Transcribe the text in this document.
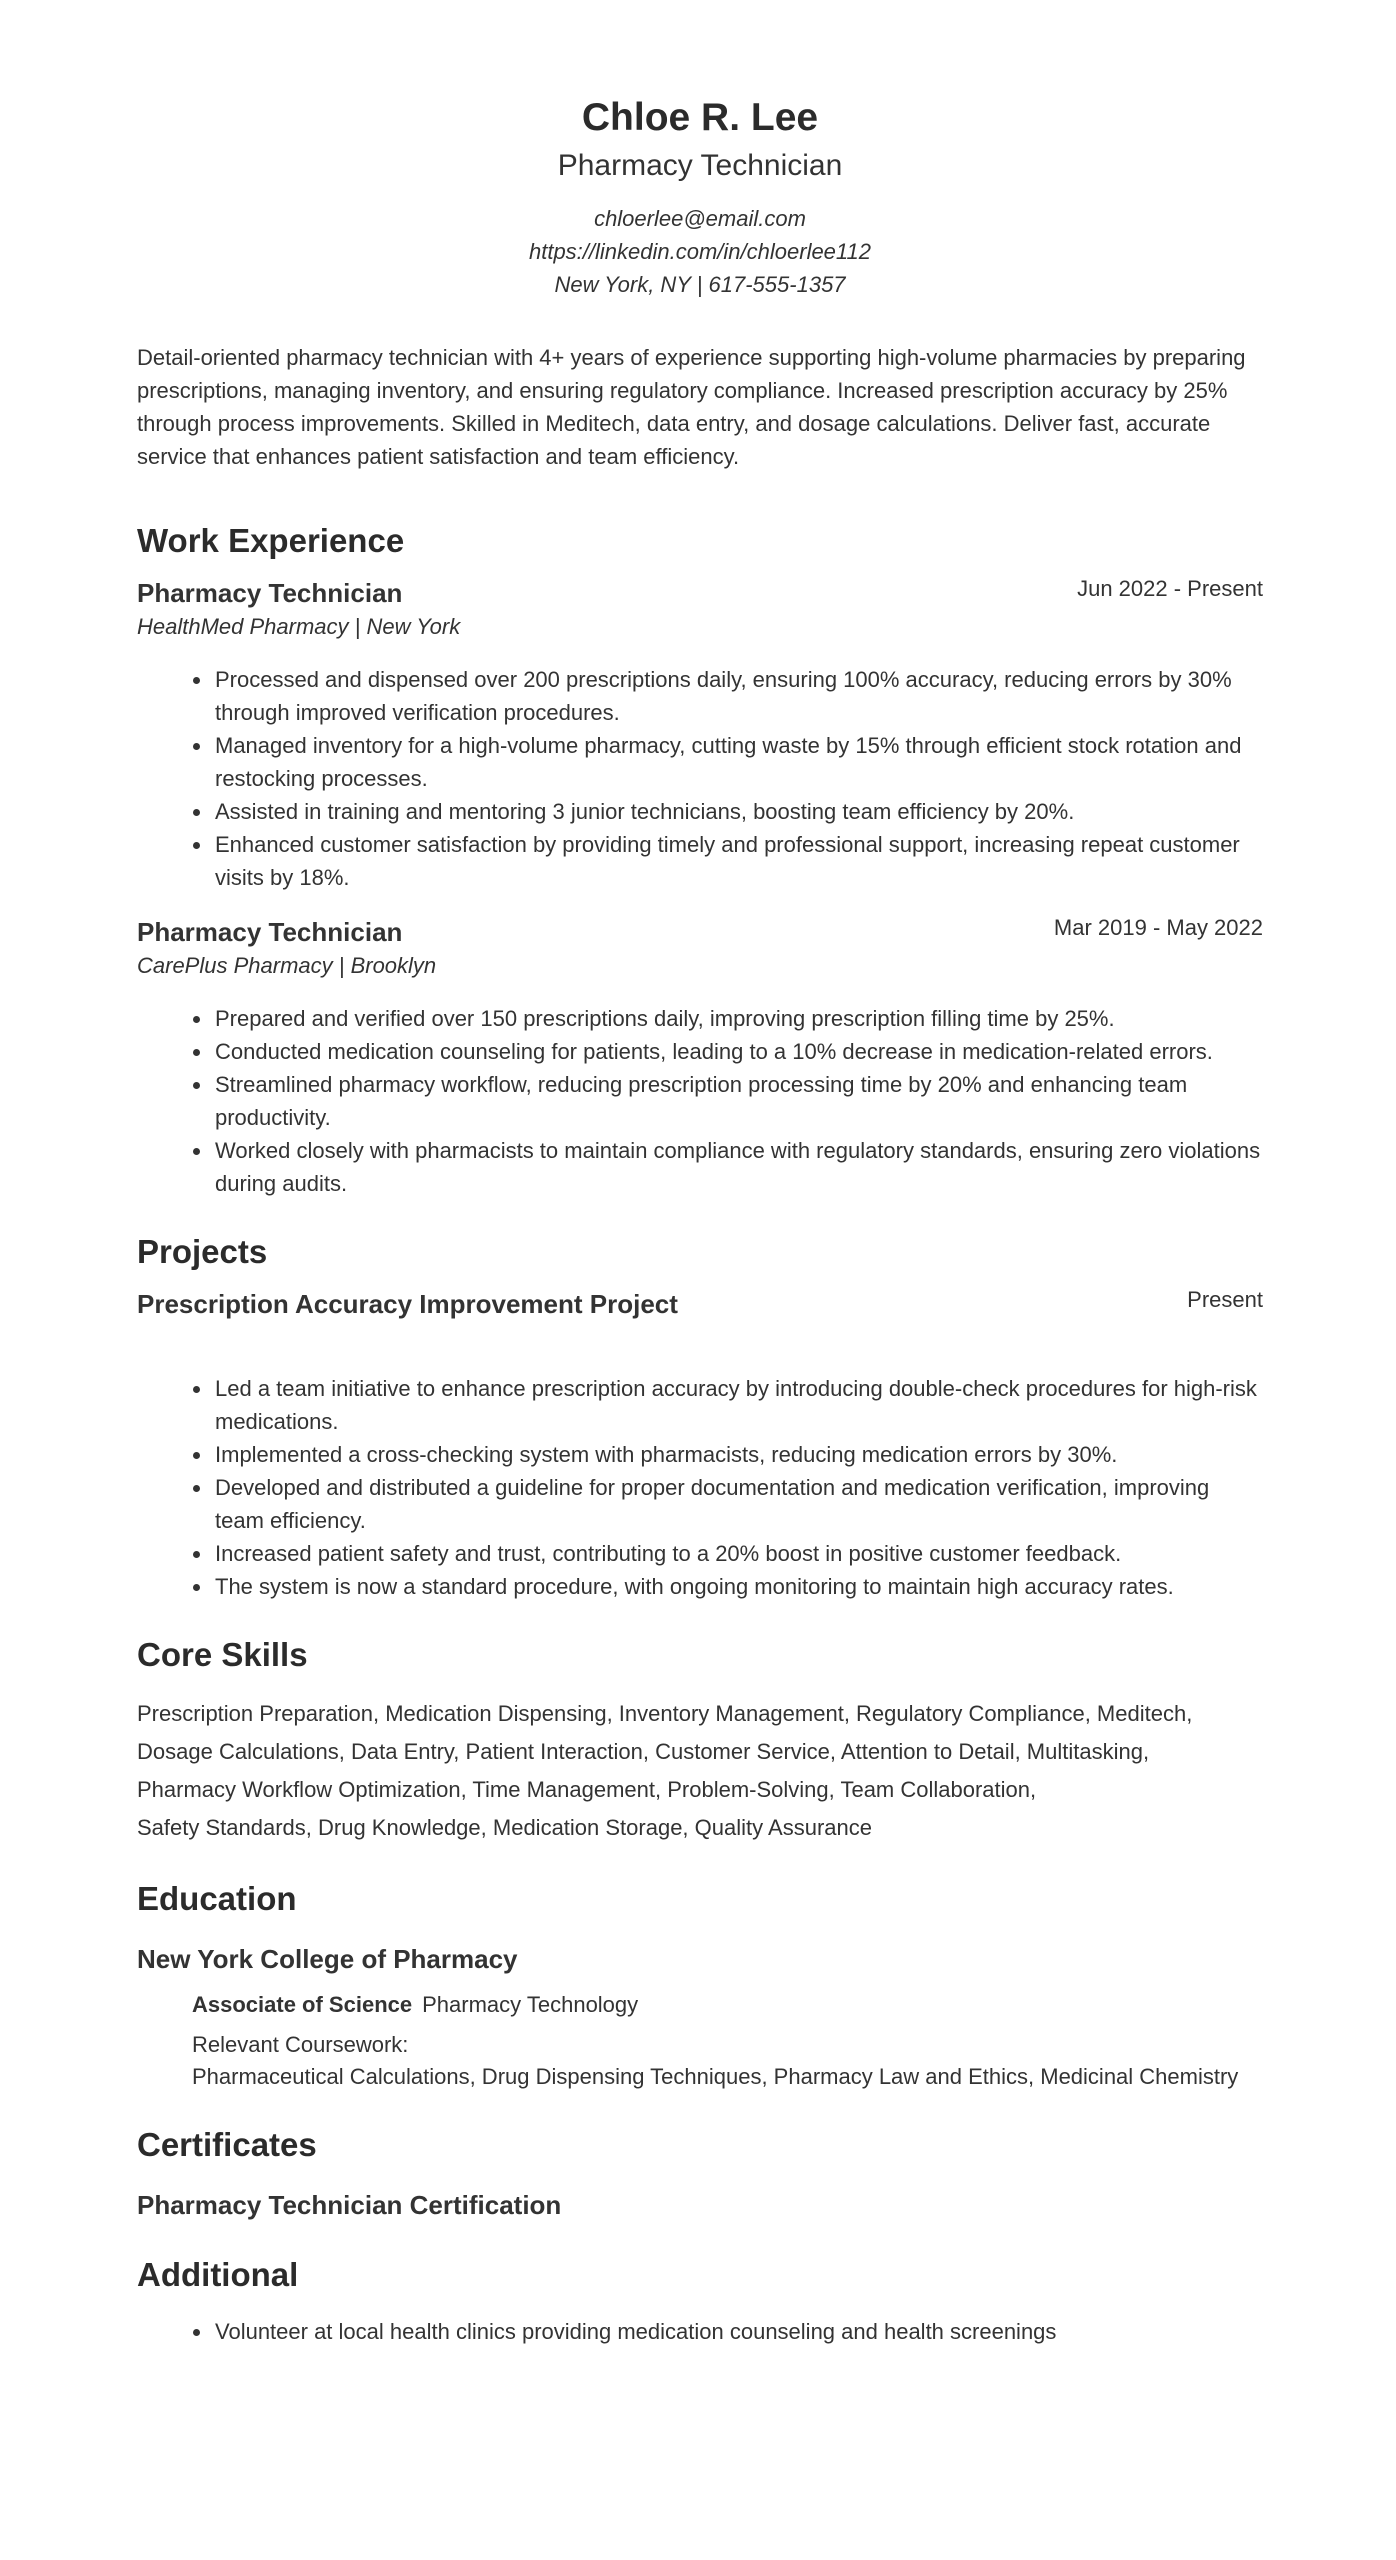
Chloe R. Lee
Pharmacy Technician
chloerlee@email.com
https://linkedin.com/in/chloerlee112
New York, NY | 617-555-1357
Detail-oriented pharmacy technician with 4+ years of experience supporting high-volume pharmacies by preparing prescriptions, managing inventory, and ensuring regulatory compliance. Increased prescription accuracy by 25% through process improvements. Skilled in Meditech, data entry, and dosage calculations. Deliver fast, accurate service that enhances patient satisfaction and team efficiency.
Work Experience
Pharmacy Technician	Jun 2022 - Present
HealthMed Pharmacy | New York
Processed and dispensed over 200 prescriptions daily, ensuring 100% accuracy, reducing errors by 30% through improved verification procedures.
Managed inventory for a high-volume pharmacy, cutting waste by 15% through efficient stock rotation and restocking processes.
Assisted in training and mentoring 3 junior technicians, boosting team efficiency by 20%.
Enhanced customer satisfaction by providing timely and professional support, increasing repeat customer visits by 18%.
Pharmacy Technician	Mar 2019 - May 2022
CarePlus Pharmacy | Brooklyn
Prepared and verified over 150 prescriptions daily, improving prescription filling time by 25%.
Conducted medication counseling for patients, leading to a 10% decrease in medication-related errors.
Streamlined pharmacy workflow, reducing prescription processing time by 20% and enhancing team productivity.
Worked closely with pharmacists to maintain compliance with regulatory standards, ensuring zero violations during audits.
Projects
Prescription Accuracy Improvement Project	Present
Led a team initiative to enhance prescription accuracy by introducing double-check procedures for high-risk medications.
Implemented a cross-checking system with pharmacists, reducing medication errors by 30%.
Developed and distributed a guideline for proper documentation and medication verification, improving team efficiency.
Increased patient safety and trust, contributing to a 20% boost in positive customer feedback.
The system is now a standard procedure, with ongoing monitoring to maintain high accuracy rates.
Core Skills
Prescription Preparation, Medication Dispensing, Inventory Management, Regulatory Compliance, Meditech,
Dosage Calculations, Data Entry, Patient Interaction, Customer Service, Attention to Detail, Multitasking,
Pharmacy Workflow Optimization, Time Management, Problem-Solving, Team Collaboration,
Safety Standards, Drug Knowledge, Medication Storage, Quality Assurance
Education
New York College of Pharmacy
Associate of Science Pharmacy Technology
Relevant Coursework:
Pharmaceutical Calculations, Drug Dispensing Techniques, Pharmacy Law and Ethics, Medicinal Chemistry
Certificates
Pharmacy Technician Certification
Additional
Volunteer at local health clinics providing medication counseling and health screenings
